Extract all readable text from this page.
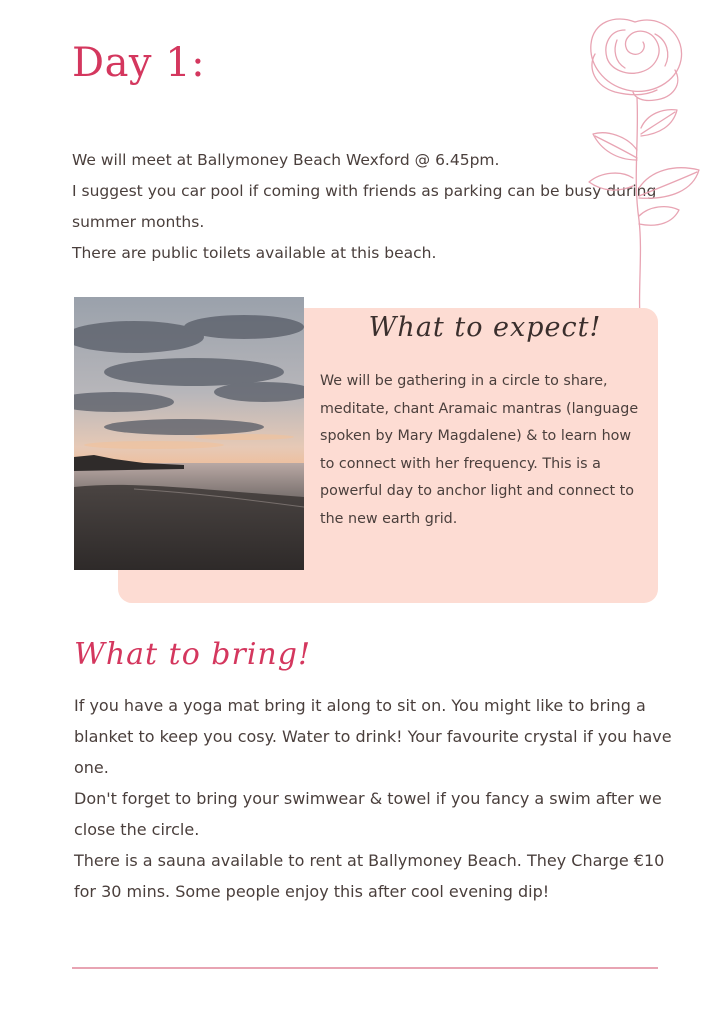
Day 1:

We will meet at Ballymoney Beach Wexford @ 6.45pm.

I suggest you car pool if coming with friends as parking can be busy during summer months.

There are public toilets available at this beach.

What to expect!

We will be gathering in a circle to share, meditate, chant Aramaic mantras (language spoken by Mary Magdalene) & to learn how to connect with her frequency. This is a powerful day to anchor light and connect to the new earth grid.

What to bring!

If you have a yoga mat bring it along to sit on. You might like to bring a blanket to keep you cosy. Water to drink! Your favourite crystal if you have one.

Don't forget to bring your swimwear & towel if you fancy a swim after we close the circle.

There is a sauna available to rent at Ballymoney Beach. They Charge €10 for 30 mins. Some people enjoy this after cool evening dip!
